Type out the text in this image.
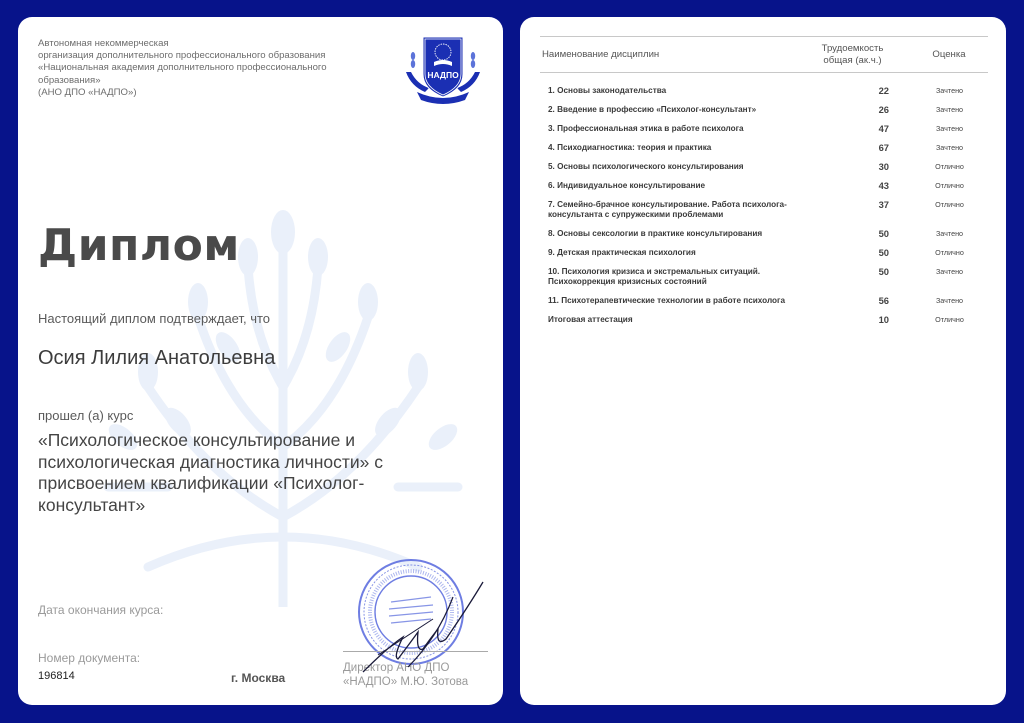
Автономная некоммерческая
организация дополнительного профессионального образования
«Национальная академия дополнительного профессионального
образования»
(АНО ДПО «НАДПО»)
НАДПО
Диплом
Настоящий диплом подтверждает, что
Осия Лилия Анатольевна
прошел (а) курс
«Психологическое консультирование и психологическая диагностика личности» с присвоением квалификации «Психолог-консультант»
Дата окончания курса:
Номер документа:
196814	г. Москва
Директор АНО ДПО
«НАДПО» М.Ю. Зотова
Наименование дисциплин
Трудоемкость
общая (ак.ч.)	Оценка
1. Основы законодательства	22	Зачтено
2. Введение в профессию «Психолог-консультант»	26	Зачтено
3. Профессиональная этика в работе психолога	47	Зачтено
4. Психодиагностика: теория и практика	67	Зачтено
5. Основы психологического консультирования	30	Отлично
6. Индивидуальное консультирование	43	Отлично
7. Семейно-брачное консультирование. Работа психолога-консультанта с супружескими проблемами
37	Отлично
8. Основы сексологии в практике консультирования	50	Зачтено
9. Детская практическая психология	50	Отлично
10. Психология кризиса и экстремальных ситуаций. Психокоррекция кризисных состояний
50	Зачтено
11. Психотерапевтические технологии в работе психолога	56	Зачтено
Итоговая аттестация	10	Отлично
